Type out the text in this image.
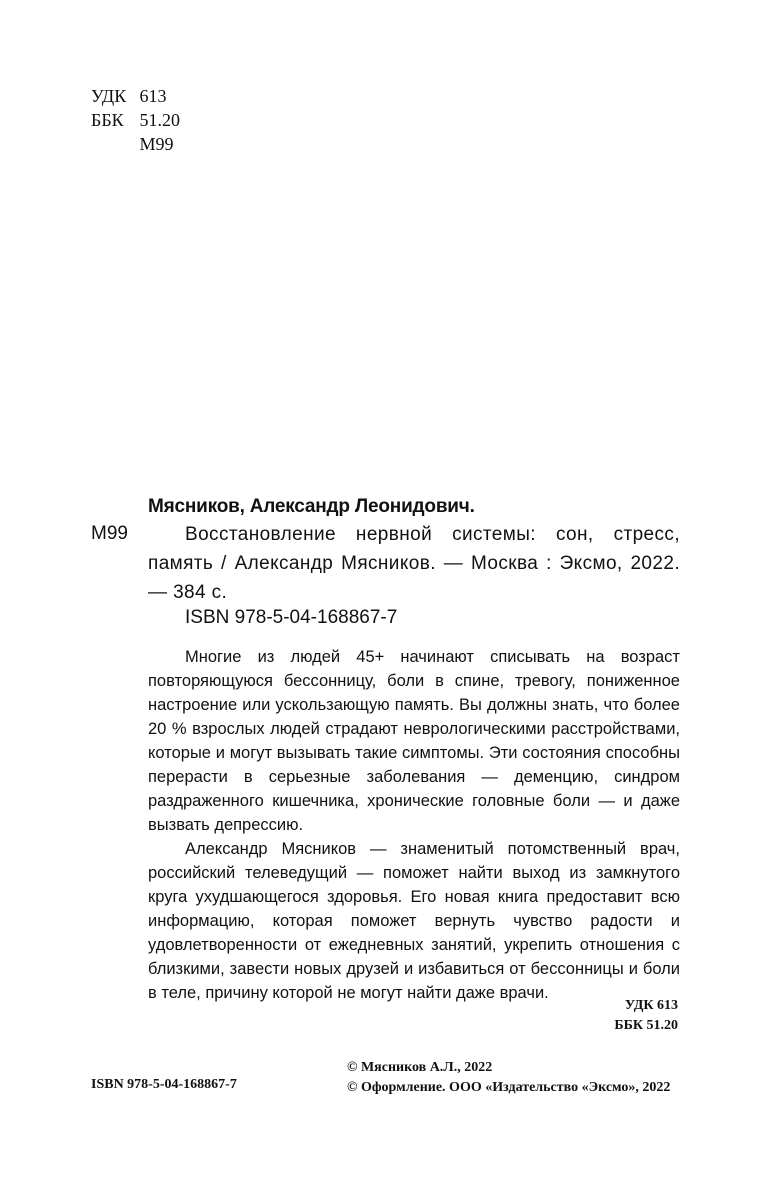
УДК 613
ББК 51.20
М99
Мясников, Александр Леонидович.
М99	Восстановление нервной системы: сон, стресс, память / Александр Мясников. — Москва : Эксмо, 2022. — 384 с.
ISBN 978-5-04-168867-7

Многие из людей 45+ начинают списывать на возраст повторяющуюся бессонницу, боли в спине, тревогу, пониженное настроение или ускользающую память. Вы должны знать, что более 20 % взрослых людей страдают неврологическими расстройствами, которые и могут вызывать такие симптомы. Эти состояния способны перерасти в серьезные заболевания — деменцию, синдром раздраженного кишечника, хронические головные боли — и даже вызвать депрессию.

Александр Мясников — знаменитый потомственный врач, российский телеведущий — поможет найти выход из замкнутого круга ухудшающегося здоровья. Его новая книга предоставит всю информацию, которая поможет вернуть чувство радости и удовлетворенности от ежедневных занятий, укрепить отношения с близкими, завести новых друзей и избавиться от бессонницы и боли в теле, причину которой не могут найти даже врачи.

УДК 613
ББК 51.20
ISBN 978-5-04-168867-7
© Мясников А.Л., 2022
© Оформление. ООО «Издательство «Эксмо», 2022
